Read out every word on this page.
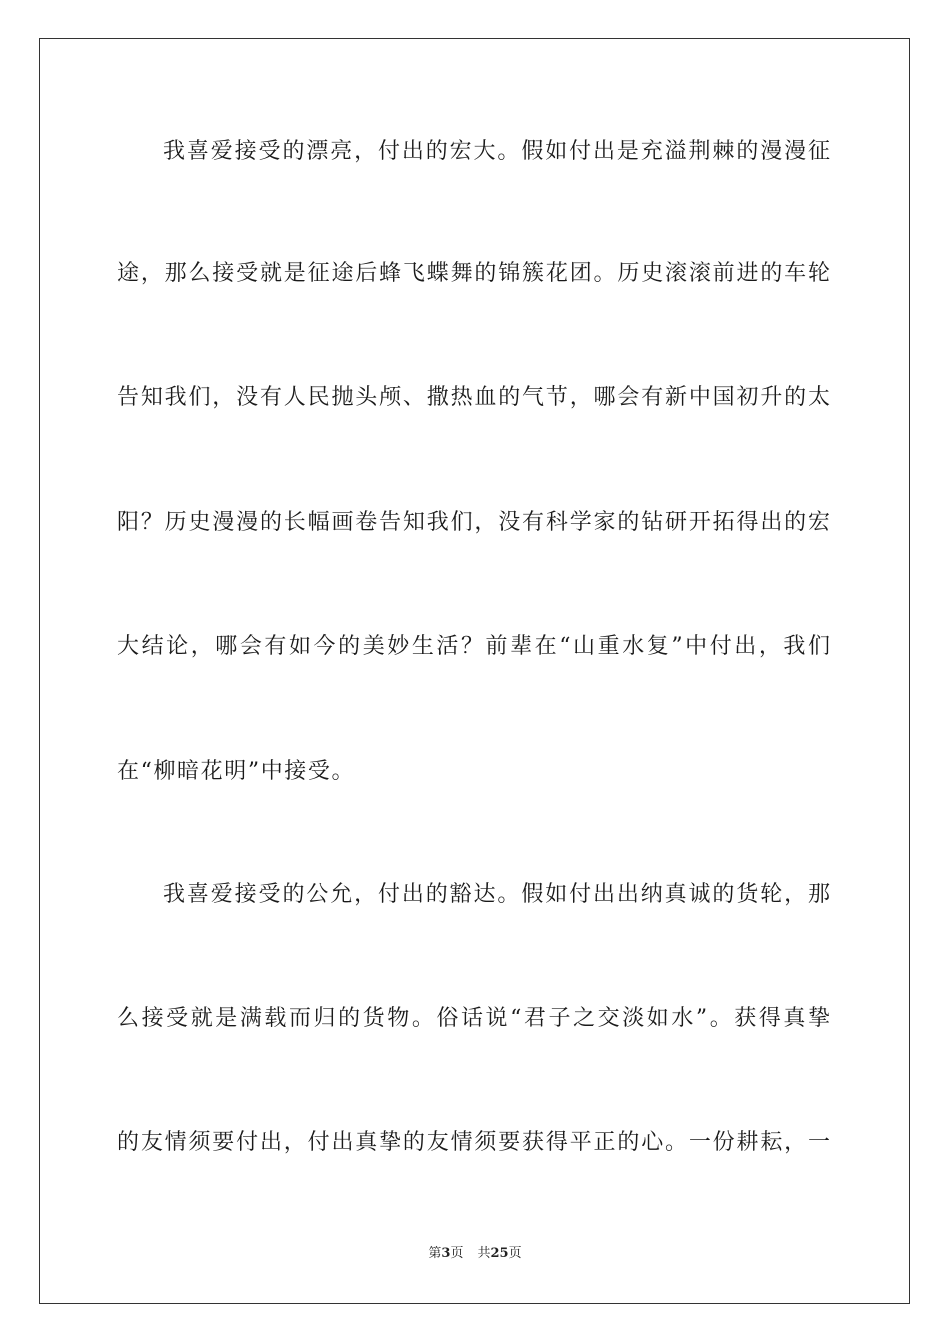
我喜爱接受的漂亮，付出的宏大。假如付出是充溢荆棘的漫漫征
途，那么接受就是征途后蜂飞蝶舞的锦簇花团。历史滚滚前进的车轮
告知我们，没有人民抛头颅、撒热血的气节，哪会有新中国初升的太
阳？历史漫漫的长幅画卷告知我们，没有科学家的钻研开拓得出的宏
大结论，哪会有如今的美妙生活？前辈在“山重水复”中付出，我们
在“柳暗花明”中接受。
我喜爱接受的公允，付出的豁达。假如付出出纳真诚的货轮，那
么接受就是满载而归的货物。俗话说“君子之交淡如水”。获得真挚
的友情须要付出，付出真挚的友情须要获得平正的心。一份耕耘，一
第3页 共25页
